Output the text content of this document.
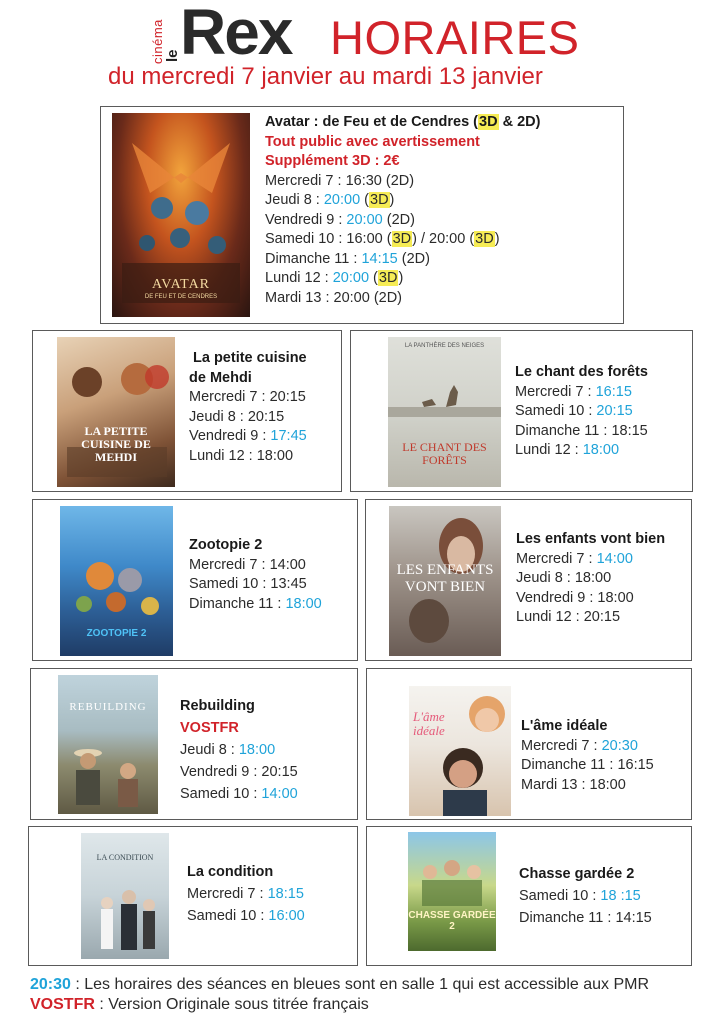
cinéma le Rex HORAIRES
du mercredi 7 janvier au mardi 13 janvier
AVATAR
DE FEU ET DE CENDRES
Avatar : de Feu et de Cendres (3D & 2D)
Tout public avec avertissement
Supplément 3D : 2€
Mercredi 7 : 16:30 (2D)
Jeudi 8 : 20:00 (3D)
Vendredi 9 : 20:00 (2D)
Samedi 10 : 16:00 (3D) / 20:00 (3D)
Dimanche 11 : 14:15 (2D)
Lundi 12 : 20:00 (3D)
Mardi 13 : 20:00 (2D)
LA PETITE CUISINE DE MEHDI
La petite cuisine
de Mehdi
Mercredi 7 : 20:15
Jeudi 8 : 20:15
Vendredi 9 : 17:45
Lundi 12 : 18:00
LA PANTHÈRE DES NEIGES
LE CHANT DES FORÊTS
Le chant des forêts
Mercredi 7 : 16:15
Samedi 10 : 20:15
Dimanche 11 : 18:15
Lundi 12 : 18:00
ZOOTOPIE 2
Zootopie 2
Mercredi 7 : 14:00
Samedi 10 : 13:45
Dimanche 11 : 18:00
LES ENFANTS VONT BIEN
Les enfants vont bien
Mercredi 7 : 14:00
Jeudi 8 : 18:00
Vendredi 9 : 18:00
Lundi 12 : 20:15
REBUILDING	Rebuilding
VOSTFR
Jeudi 8 : 18:00
Vendredi 9 : 20:15
Samedi 10 : 14:00
L'âme idéale	L'âme idéale
Mercredi 7 : 20:30
Dimanche 11 : 16:15
Mardi 13 : 18:00
LA CONDITION
La condition
Mercredi 7 : 18:15
Samedi 10 : 16:00	CHASSE GARDÉE 2
Chasse gardée 2
Samedi 10 : 18 :15
Dimanche 11 : 14:15
20:30 : Les horaires des séances en bleues sont en salle 1 qui est accessible aux PMR
VOSTFR : Version Originale sous titrée français
